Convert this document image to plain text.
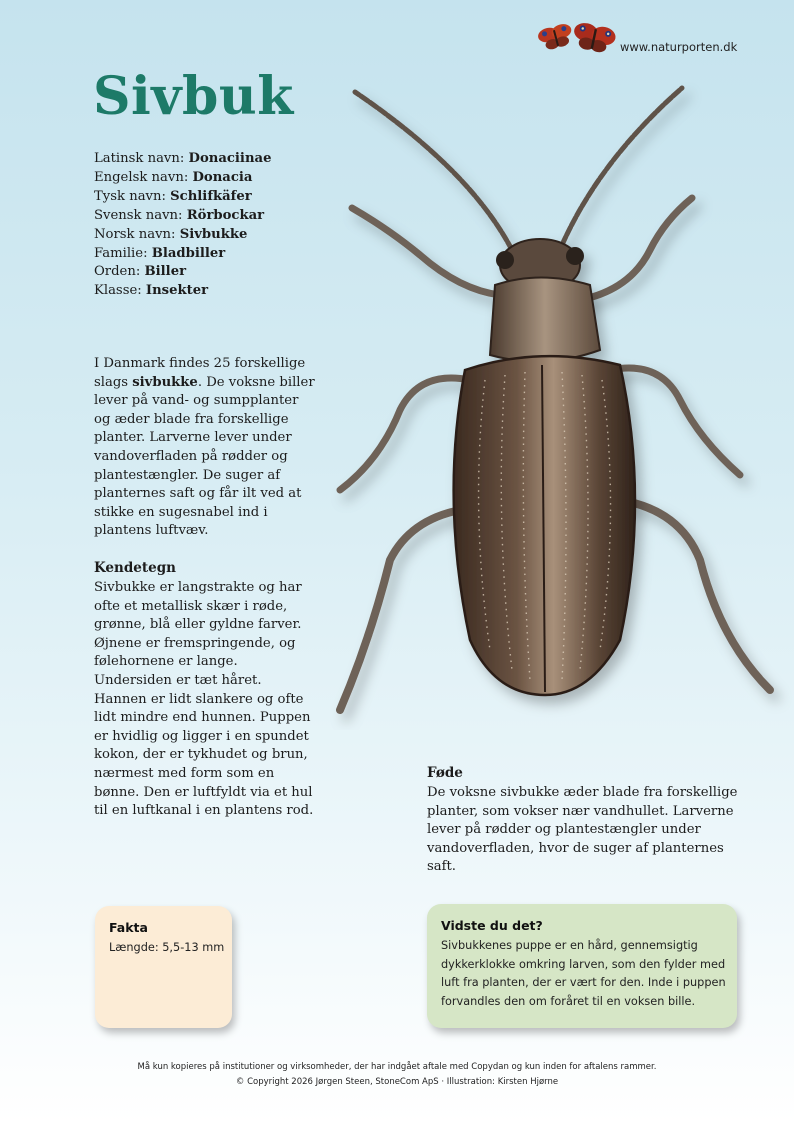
www.naturporten.dk
Sivbuk
Latinsk navn: Donaciinae
Engelsk navn: Donacia
Tysk navn: Schlifkäfer
Svensk navn: Rörbockar
Norsk navn: Sivbukke
Familie: Bladbiller
Orden: Biller
Klasse: Insekter
I Danmark findes 25 forskellige slags sivbukke. De voksne biller lever på vand- og sumpplanter og æder blade fra forskellige planter. Larverne lever under vandoverfladen på rødder og plantestængler. De suger af planternes saft og får ilt ved at stikke en sugesnabel ind i plantens luftvæv.
Kendetegn
Sivbukke er langstrakte og har ofte et metallisk skær i røde, grønne, blå eller gyldne farver. Øjnene er fremspringende, og følehornene er lange. Undersiden er tæt håret. Hannen er lidt slankere og ofte lidt mindre end hunnen. Puppen er hvidlig og ligger i en spundet kokon, der er tykhudet og brun, nærmest med form som en bønne. Den er luftfyldt via et hul til en luftkanal i en plantens rod.
Føde
De voksne sivbukke æder blade fra forskellige planter, som vokser nær vandhullet. Larverne lever på rødder og plantestængler under vandoverfladen, hvor de suger af planternes saft.
Fakta
Længde: 5,5-13 mm
Vidste du det?
Sivbukkenes puppe er en hård, gennemsigtig dykkerklokke omkring larven, som den fylder med luft fra planten, der er vært for den. Inde i puppen forvandles den om foråret til en voksen bille.
Må kun kopieres på institutioner og virksomheder, der har indgået aftale med Copydan og kun inden for aftalens rammer.
© Copyright 2026 Jørgen Steen, StoneCom ApS · Illustration: Kirsten Hjørne
